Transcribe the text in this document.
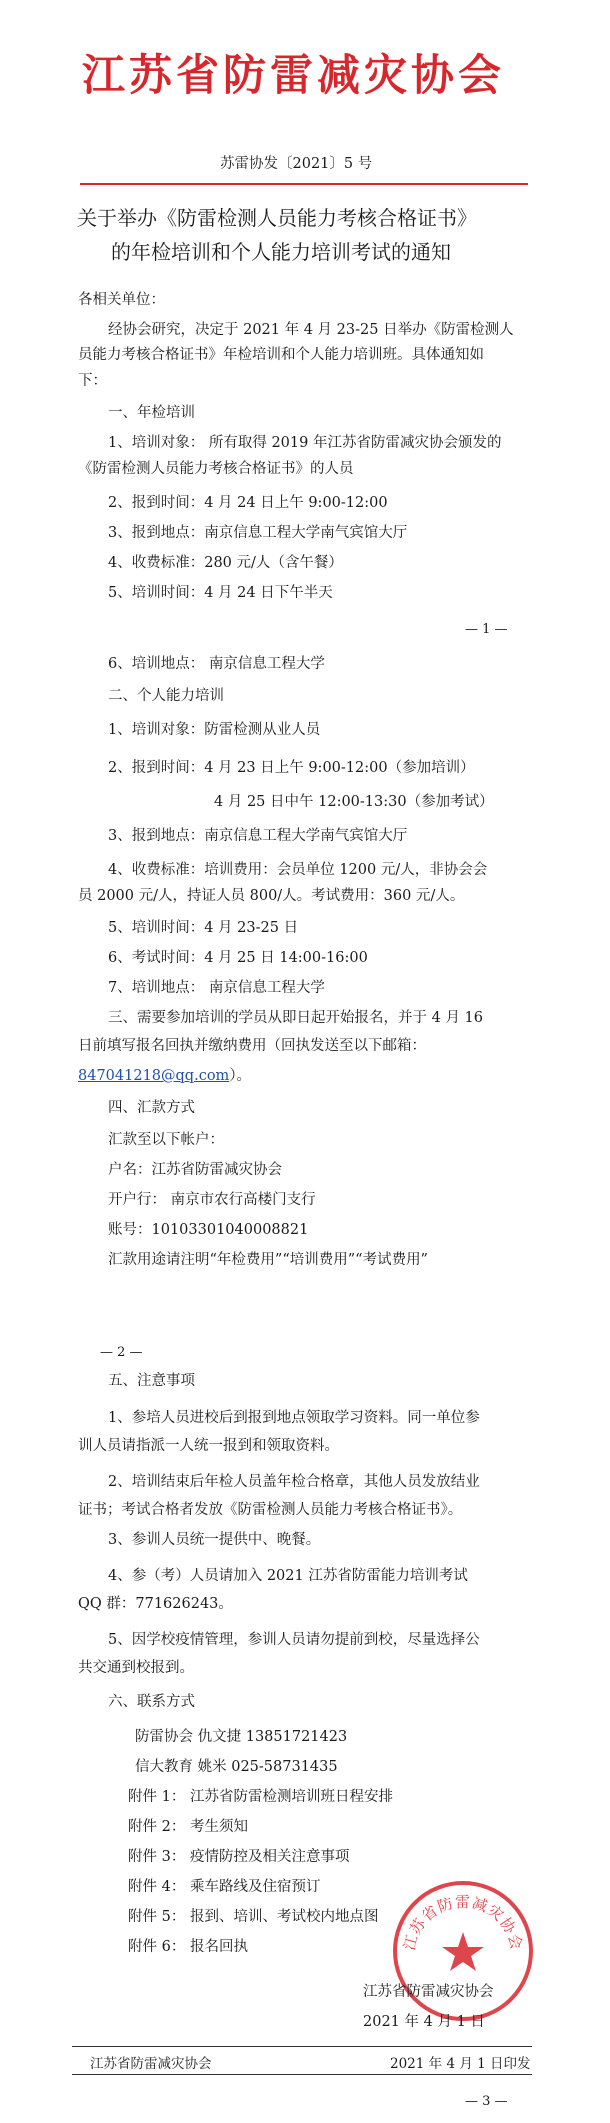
江苏省防雷减灾协会
苏雷协发〔2021〕5 号
关于举办《防雷检测人员能力考核合格证书》
的年检培训和个人能力培训考试的通知
各相关单位：
经协会研究，决定于 2021 年 4 月 23-25 日举办《防雷检测人
员能力考核合格证书》年检培训和个人能力培训班。具体通知如
下：
一、年检培训
1、培训对象： 所有取得 2019 年江苏省防雷减灾协会颁发的
《防雷检测人员能力考核合格证书》的人员
2、报到时间：4 月 24 日上午 9:00-12:00
3、报到地点：南京信息工程大学南气宾馆大厅
4、收费标准：280 元/人（含午餐）
5、培训时间：4 月 24 日下午半天
— 1 —
6、培训地点： 南京信息工程大学
二、个人能力培训
1、培训对象：防雷检测从业人员
2、报到时间：4 月 23 日上午 9:00-12:00（参加培训）
4 月 25 日中午 12:00-13:30（参加考试）
3、报到地点：南京信息工程大学南气宾馆大厅
4、收费标准：培训费用：会员单位 1200 元/人，非协会会
员 2000 元/人，持证人员 800/人。考试费用：360 元/人。
5、培训时间：4 月 23-25 日
6、考试时间：4 月 25 日 14:00-16:00
7、培训地点： 南京信息工程大学
三、需要参加培训的学员从即日起开始报名，并于 4 月 16
日前填写报名回执并缴纳费用（回执发送至以下邮箱：
847041218@qq.com）。
四、汇款方式
汇款至以下帐户：
户名：江苏省防雷减灾协会
开户行： 南京市农行高楼门支行
账号：10103301040008821
汇款用途请注明“年检费用”“培训费用”“考试费用”
— 2 —
五、注意事项
1、参培人员进校后到报到地点领取学习资料。同一单位参
训人员请指派一人统一报到和领取资料。
2、培训结束后年检人员盖年检合格章，其他人员发放结业
证书；考试合格者发放《防雷检测人员能力考核合格证书》。
3、参训人员统一提供中、晚餐。
4、参（考）人员请加入 2021 江苏省防雷能力培训考试
QQ 群：771626243。
5、因学校疫情管理，参训人员请勿提前到校，尽量选择公
共交通到校报到。
六、联系方式
防雷协会 仇文捷 13851721423
信大教育 姚米 025-58731435
附件 1： 江苏省防雷检测培训班日程安排
附件 2： 考生须知
附件 3： 疫情防控及相关注意事项
附件 4： 乘车路线及住宿预订
附件 5： 报到、培训、考试校内地点图
附件 6： 报名回执	江苏省防雷减灾协会
江苏省防雷减灾协会
2021 年 4 月 1 日
江苏省防雷减灾协会	2021 年 4 月 1 日印发
— 3 —
